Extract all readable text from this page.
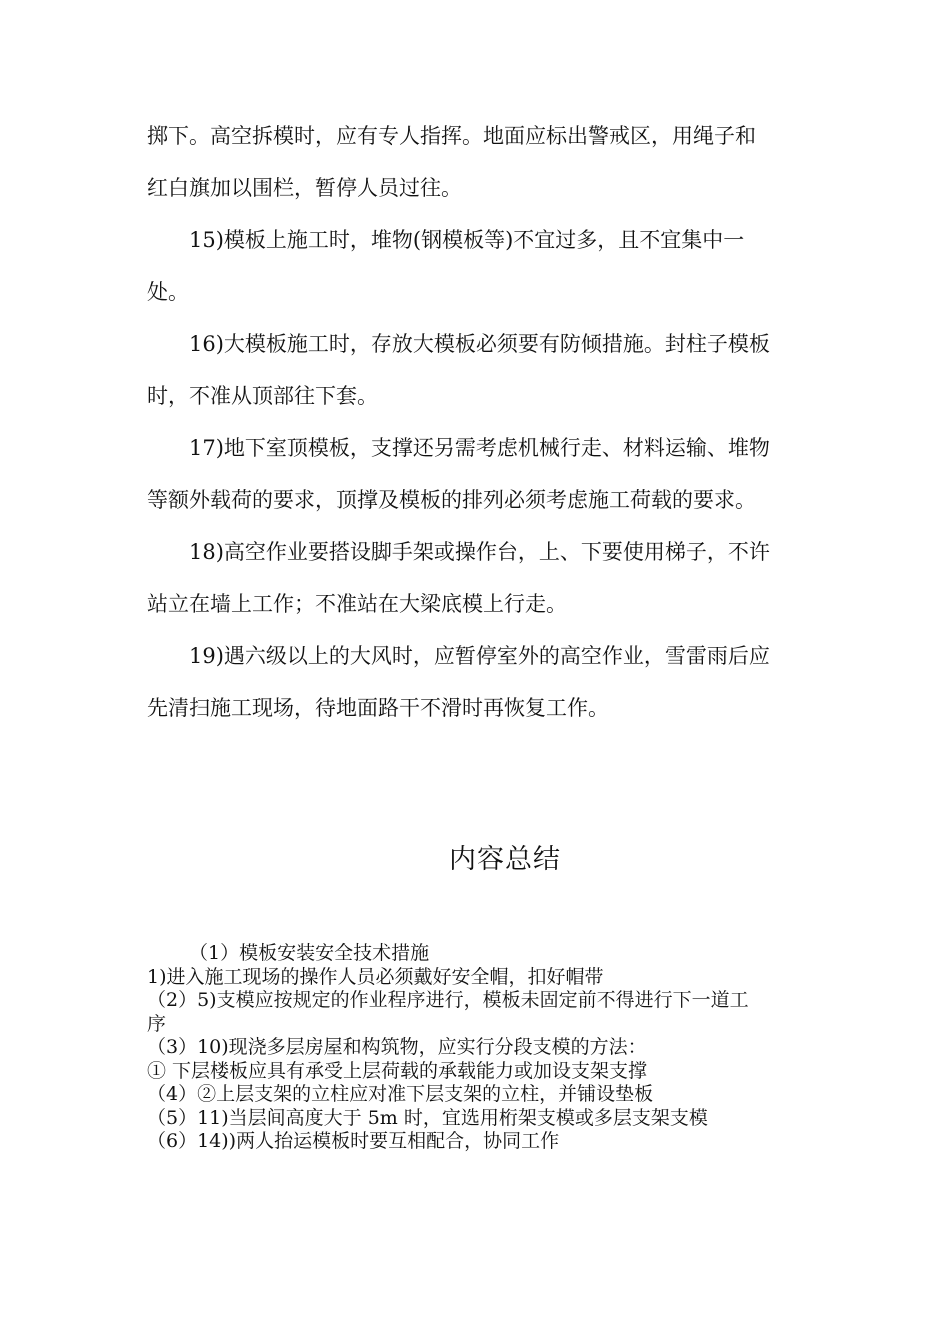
掷下。高空拆模时，应有专人指挥。地面应标出警戒区，用绳子和
红白旗加以围栏，暂停人员过往。
15)模板上施工时，堆物(钢模板等)不宜过多，且不宜集中一
处。
16)大模板施工时，存放大模板必须要有防倾措施。封柱子模板
时，不准从顶部往下套。
17)地下室顶模板，支撑还另需考虑机械行走、材料运输、堆物
等额外载荷的要求，顶撑及模板的排列必须考虑施工荷载的要求。
18)高空作业要搭设脚手架或操作台，上、下要使用梯子，不许
站立在墙上工作；不准站在大梁底模上行走。
19)遇六级以上的大风时，应暂停室外的高空作业，雪雷雨后应
先清扫施工现场，待地面路干不滑时再恢复工作。
内容总结
（1）模板安装安全技术措施
1)进入施工现场的操作人员必须戴好安全帽，扣好帽带
（2）5)支模应按规定的作业程序进行，模板未固定前不得进行下一道工
序
（3）10)现浇多层房屋和构筑物，应实行分段支模的方法：
① 下层楼板应具有承受上层荷载的承载能力或加设支架支撑
（4）②上层支架的立柱应对准下层支架的立柱，并铺设垫板
（5）11)当层间高度大于 5m 时，宜选用桁架支模或多层支架支模
（6）14))两人抬运模板时要互相配合，协同工作
